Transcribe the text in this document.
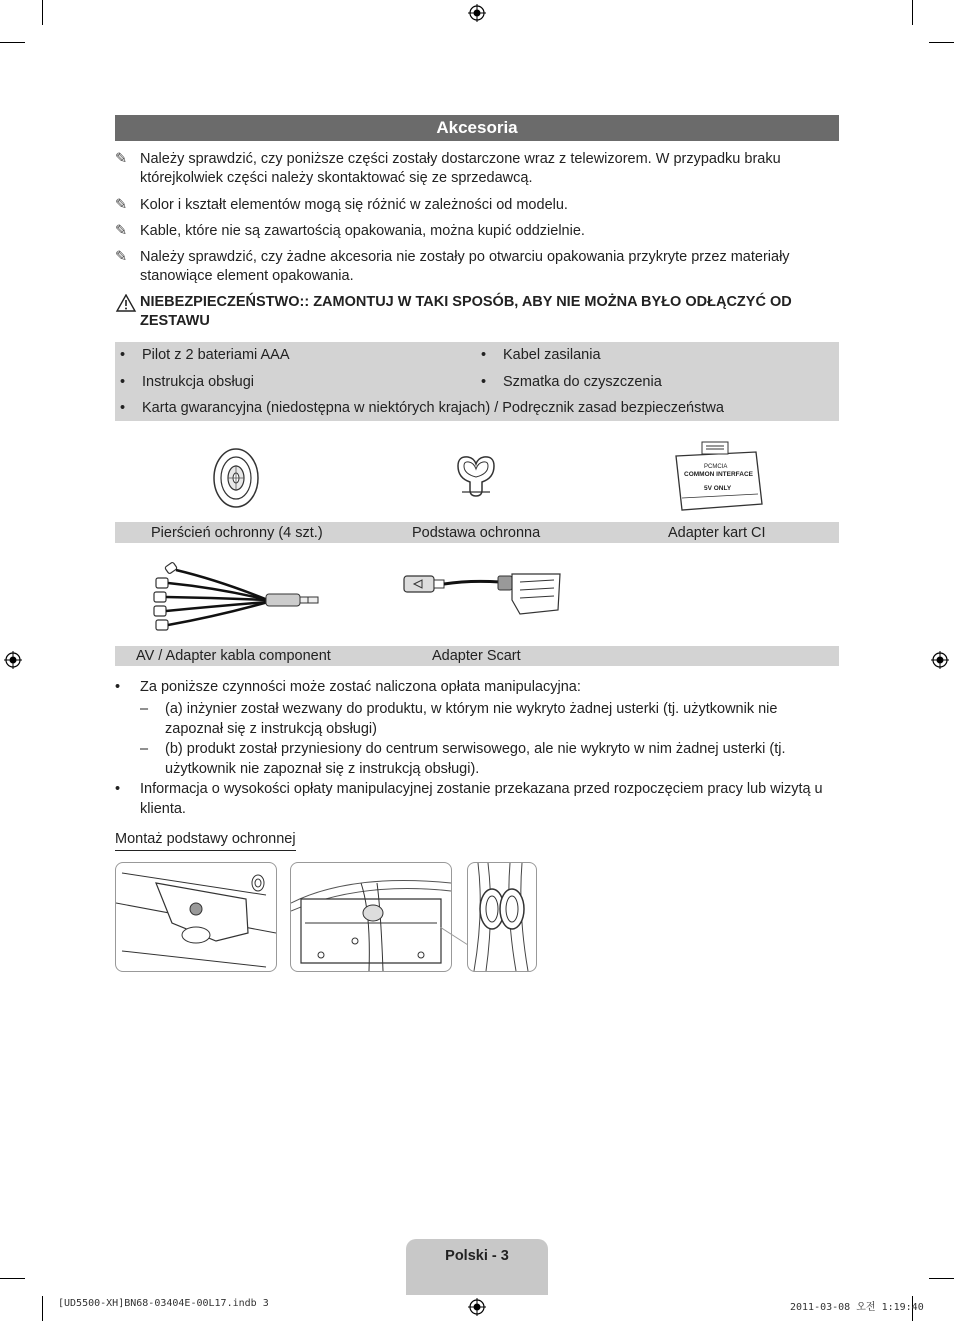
Akcesoria
✎ Należy sprawdzić, czy poniższe części zostały dostarczone wraz z telewizorem. W przypadku braku którejkolwiek części należy skontaktować się ze sprzedawcą.
✎ Kolor i kształt elementów mogą się różnić w zależności od modelu.
✎ Kable, które nie są zawartością opakowania, można kupić oddzielnie.
✎ Należy sprawdzić, czy żadne akcesoria nie zostały po otwarciu opakowania przykryte przez materiały stanowiące element opakowania.
NIEBEZPIECZEŃSTWO:: ZAMONTUJ W TAKI SPOSÓB, ABY NIE MOŻNA BYŁO ODŁĄCZYĆ OD ZESTAWU
• Pilot z 2 bateriami AAA
• Instrukcja obsługi
• Kabel zasilania
• Szmatka do czyszczenia
• Karta gwarancyjna (niedostępna w niektórych krajach) / Podręcznik zasad bezpieczeństwa
PCMCIA
COMMON INTERFACE
5V ONLY
Pierścień ochronny (4 szt.)	Podstawa ochronna	Adapter kart CI
AV / Adapter kabla component	Adapter Scart
• Za poniższe czynności może zostać naliczona opłata manipulacyjna:
– (a) inżynier został wezwany do produktu, w którym nie wykryto żadnej usterki (tj. użytkownik nie zapoznał się z instrukcją obsługi)
– (b) produkt został przyniesiony do centrum serwisowego, ale nie wykryto w nim żadnej usterki (tj. użytkownik nie zapoznał się z instrukcją obsługi).
• Informacja o wysokości opłaty manipulacyjnej zostanie przekazana przed rozpoczęciem pracy lub wizytą u klienta.
Montaż podstawy ochronnej
Polski - 3
[UD5500-XH]BN68-03404E-00L17.indb 3	2011-03-08 오전 1:19:40
